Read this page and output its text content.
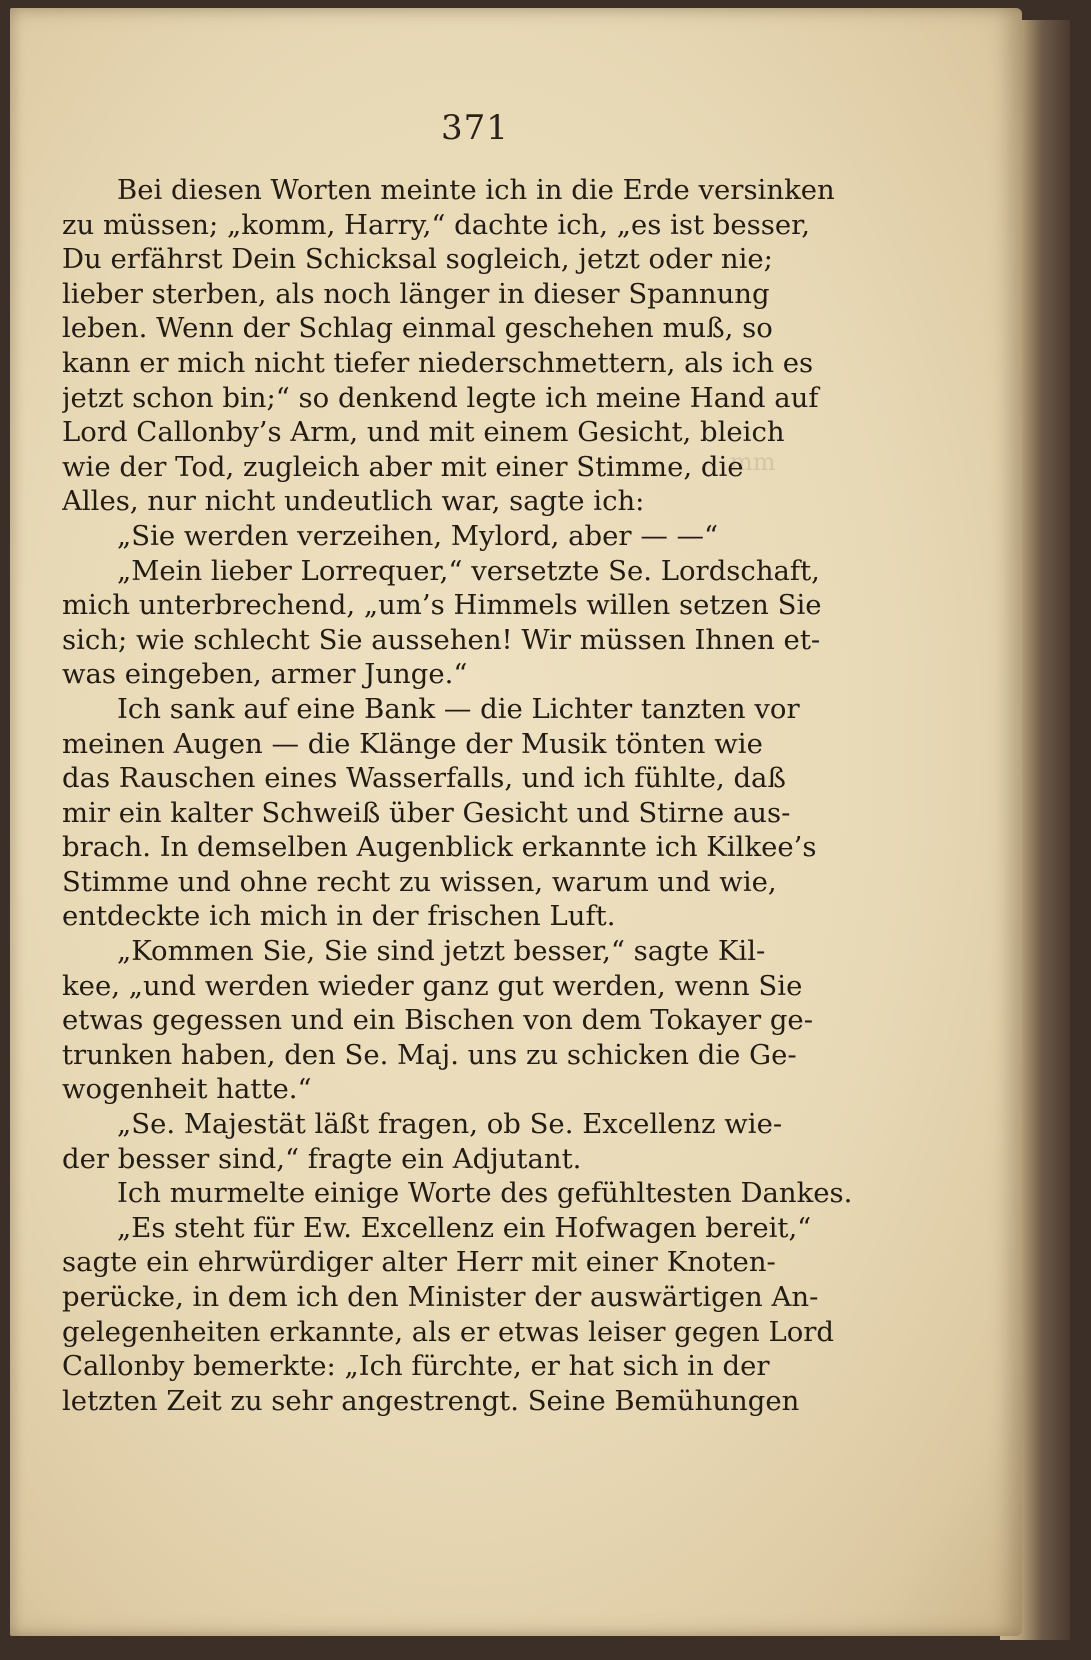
mm
371
Bei diesen Worten meinte ich in die Erde versinken
zu müssen; „komm, Harry,“ dachte ich, „es ist besser,
Du erfährst Dein Schicksal sogleich, jetzt oder nie;
lieber sterben, als noch länger in dieser Spannung
leben. Wenn der Schlag einmal geschehen muß, so
kann er mich nicht tiefer niederschmettern, als ich es
jetzt schon bin;“ so denkend legte ich meine Hand auf
Lord Callonby’s Arm, und mit einem Gesicht, bleich
wie der Tod, zugleich aber mit einer Stimme, die
Alles, nur nicht undeutlich war, sagte ich:
„Sie werden verzeihen, Mylord, aber — —“
„Mein lieber Lorrequer,“ versetzte Se. Lordschaft,
mich unterbrechend, „um’s Himmels willen setzen Sie
sich; wie schlecht Sie aussehen! Wir müssen Ihnen et-
was eingeben, armer Junge.“
Ich sank auf eine Bank — die Lichter tanzten vor
meinen Augen — die Klänge der Musik tönten wie
das Rauschen eines Wasserfalls, und ich fühlte, daß
mir ein kalter Schweiß über Gesicht und Stirne aus-
brach. In demselben Augenblick erkannte ich Kilkee’s
Stimme und ohne recht zu wissen, warum und wie,
entdeckte ich mich in der frischen Luft.
„Kommen Sie, Sie sind jetzt besser,“ sagte Kil-
kee, „und werden wieder ganz gut werden, wenn Sie
etwas gegessen und ein Bischen von dem Tokayer ge-
trunken haben, den Se. Maj. uns zu schicken die Ge-
wogenheit hatte.“
„Se. Majestät läßt fragen, ob Se. Excellenz wie-
der besser sind,“ fragte ein Adjutant.
Ich murmelte einige Worte des gefühltesten Dankes.
„Es steht für Ew. Excellenz ein Hofwagen bereit,“
sagte ein ehrwürdiger alter Herr mit einer Knoten-
perücke, in dem ich den Minister der auswärtigen An-
gelegenheiten erkannte, als er etwas leiser gegen Lord
Callonby bemerkte: „Ich fürchte, er hat sich in der
letzten Zeit zu sehr angestrengt. Seine Bemühungen
